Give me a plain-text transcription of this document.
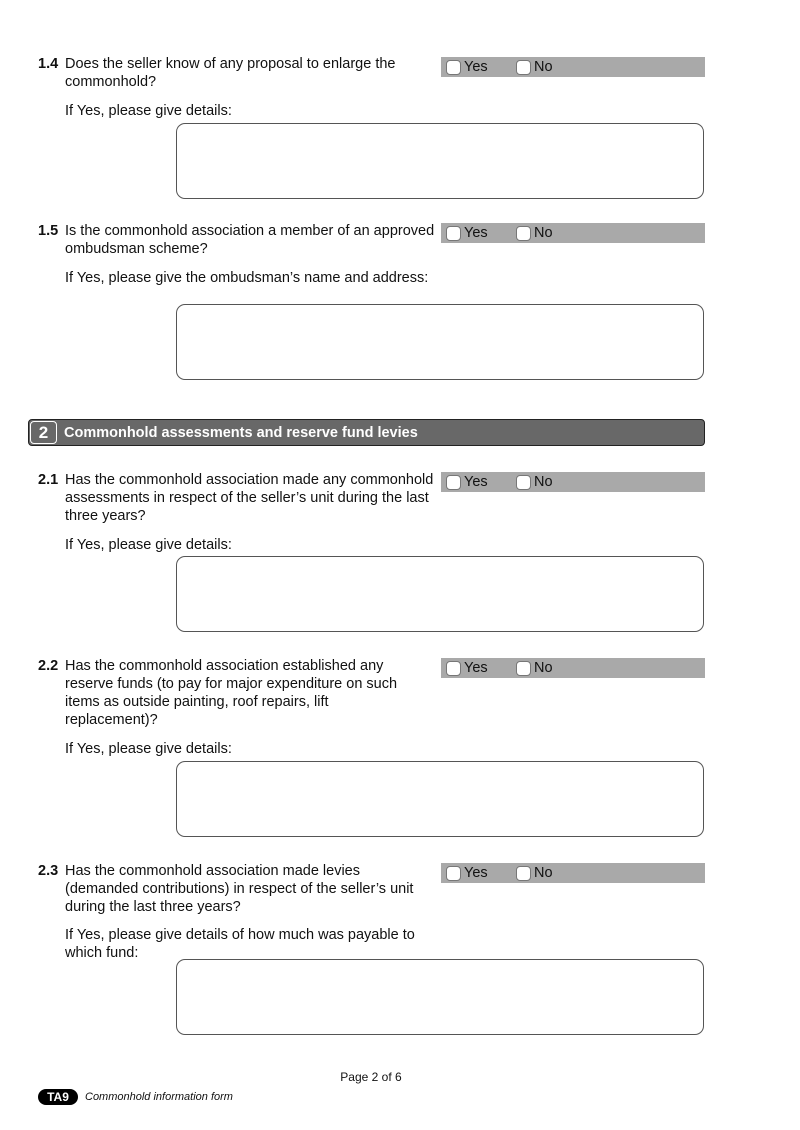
1.4 Does the seller know of any proposal to enlarge the commonhold?
Yes	No
If Yes, please give details:
1.5 Is the commonhold association a member of an approved ombudsman scheme?
Yes	No
If Yes, please give the ombudsman’s name and address:
2	Commonhold assessments and reserve fund levies
2.1 Has the commonhold association made any commonhold assessments in respect of the seller’s unit during the last three years?
Yes	No
If Yes, please give details:
2.2 Has the commonhold association established any reserve funds (to pay for major expenditure on such items as outside painting, roof repairs, lift replacement)?
Yes	No
If Yes, please give details:
2.3 Has the commonhold association made levies (demanded contributions) in respect of the seller’s unit during the last three years?
Yes	No
If Yes, please give details of how much was payable to which fund:
Page 2 of 6
TA9	Commonhold information form
